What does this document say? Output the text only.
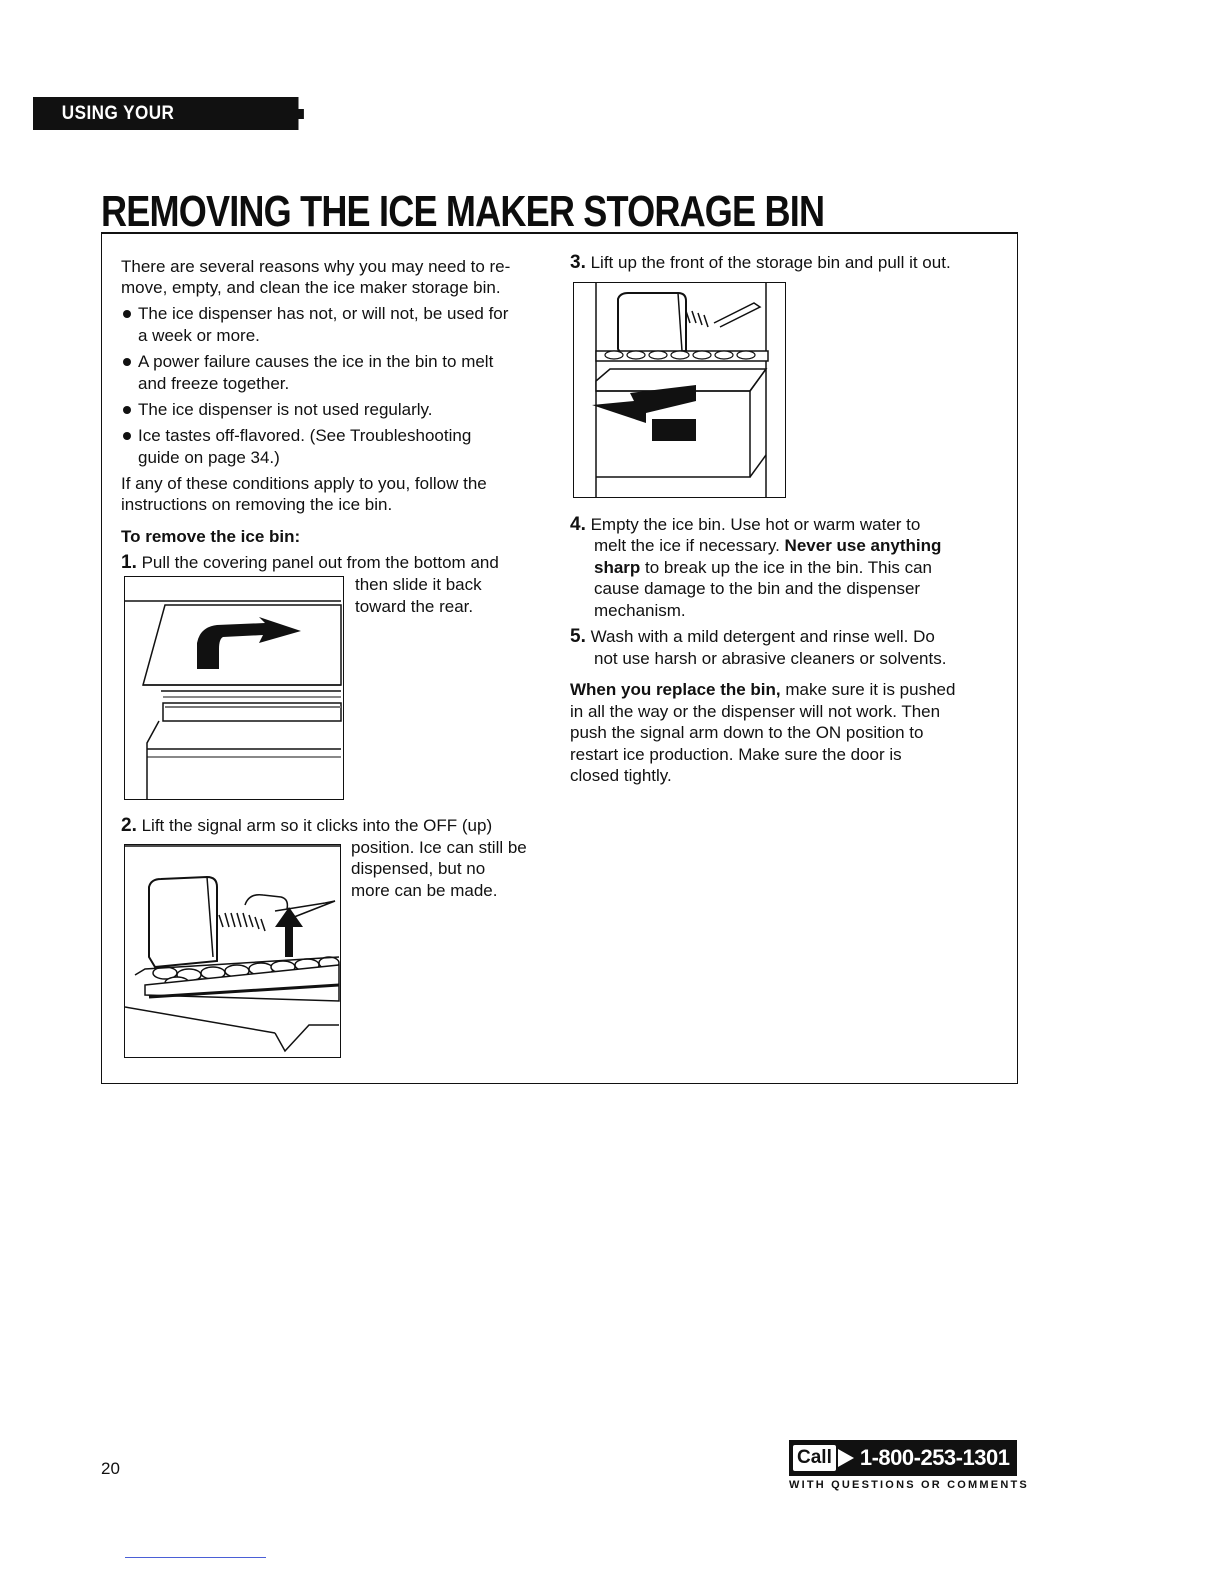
USING YOUR REFRIGERATOR
REMOVING THE ICE MAKER STORAGE BIN

There are several reasons why you may need to re-

move, empty, and clean the ice maker storage bin.

The ice dispenser has not, or will not, be used for
a week or more.
A power failure causes the ice in the bin to melt
and freeze together.
The ice dispenser is not used regularly.
Ice tastes off-flavored. (See Troubleshooting
guide on page 34.)

If any of these conditions apply to you, follow the

instructions on removing the ice bin.

To remove the ice bin:

1. Pull the covering panel out from the bottom and

then slide it back

toward the rear.

2. Lift the signal arm so it clicks into the OFF (up)

position. Ice can still be

dispensed, but no

more can be made.

3. Lift up the front of the storage bin and pull it out.

4. Empty the ice bin. Use hot or warm water to

melt the ice if necessary. Never use anything

sharp to break up the ice in the bin. This can

cause damage to the bin and the dispenser

mechanism.

5. Wash with a mild detergent and rinse well. Do

not use harsh or abrasive cleaners or solvents.

When you replace the bin, make sure it is pushed

in all the way or the dispenser will not work. Then

push the signal arm down to the ON position to

restart ice production. Make sure the door is

closed tightly.

20
Call 1-800-253-1301
WITH QUESTIONS OR COMMENTS
